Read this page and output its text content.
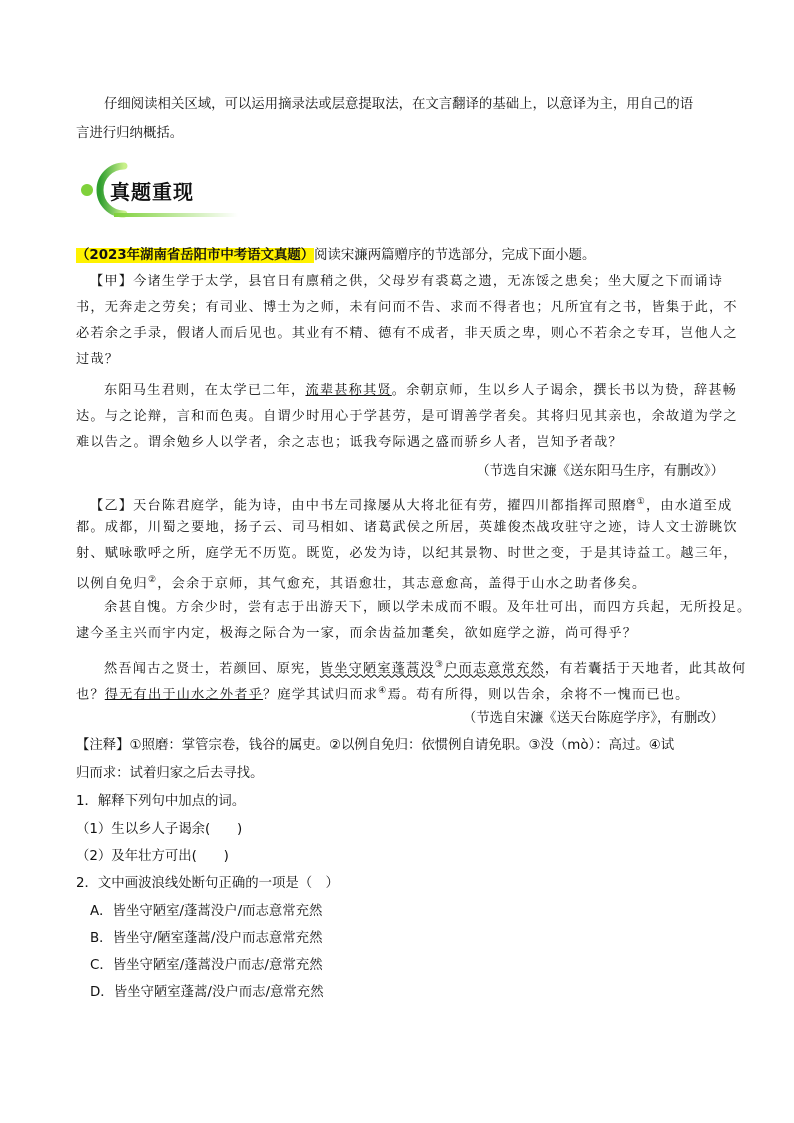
仔细阅读相关区域，可以运用摘录法或层意提取法，在文言翻译的基础上，以意译为主，用自己的语

言进行归纳概括。

真题重现

（2023年湖南省岳阳市中考语文真题）阅读宋濂两篇赠序的节选部分，完成下面小题。

【甲】今诸生学于太学，县官日有廪稍之供，父母岁有裘葛之遗，无冻馁之患矣；坐大厦之下而诵诗

书，无奔走之劳矣；有司业、博士为之师，未有问而不告、求而不得者也；凡所宜有之书，皆集于此，不

必若余之手录，假诸人而后见也。其业有不精、德有不成者，非天质之卑，则心不若余之专耳，岂他人之

过哉？

东阳马生君则，在太学已二年，流辈甚称其贤。余朝京师，生以乡人子谒余，撰长书以为贽，辞甚畅

达。与之论辩，言和而色夷。自谓少时用心于学甚劳，是可谓善学者矣。其将归见其亲也，余故道为学之

难以告之。谓余勉乡人以学者，余之志也；诋我夸际遇之盛而骄乡人者，岂知予者哉？

（节选自宋濂《送东阳马生序，有删改》）

【乙】天台陈君庭学，能为诗，由中书左司掾屡从大将北征有劳，擢四川都指挥司照磨①，由水道至成

都。成都，川蜀之要地，扬子云、司马相如、诸葛武侯之所居，英雄俊杰战攻驻守之迹，诗人文士游眺饮

射、赋咏歌呼之所，庭学无不历览。既览，必发为诗，以纪其景物、时世之变，于是其诗益工。越三年，

以例自免归②，会余于京师，其气愈充，其语愈壮，其志意愈高，盖得于山水之助者侈矣。

余甚自愧。方余少时，尝有志于出游天下，顾以学未成而不暇。及年壮可出，而四方兵起，无所投足。

逮今圣主兴而宇内定，极海之际合为一家，而余齿益加耄矣，欲如庭学之游，尚可得乎？

然吾闻古之贤士，若颜回、原宪，皆坐守陋室蓬蒿没③户而志意常充然，有若囊括于天地者，此其故何

也？得无有出于山水之外者乎？庭学其试归而求④焉。苟有所得，则以告余，余将不一愧而已也。

（节选自宋濂《送天台陈庭学序》，有删改）

【注释】①照磨：掌管宗卷，钱谷的属吏。②以例自免归：依惯例自请免职。③没（mò）：高过。④试

归而求：试着归家之后去寻找。

1．解释下列句中加点的词。

（1）生以乡人子谒余(　　)

（2）及年壮方可出(　　)

2．文中画波浪线处断句正确的一项是（　）

A．皆坐守陋室/蓬蒿没户/而志意常充然

B．皆坐守/陋室蓬蒿/没户而志意常充然

C．皆坐守陋室/蓬蒿没户而志/意常充然

D．皆坐守陋室蓬蒿/没户而志/意常充然
